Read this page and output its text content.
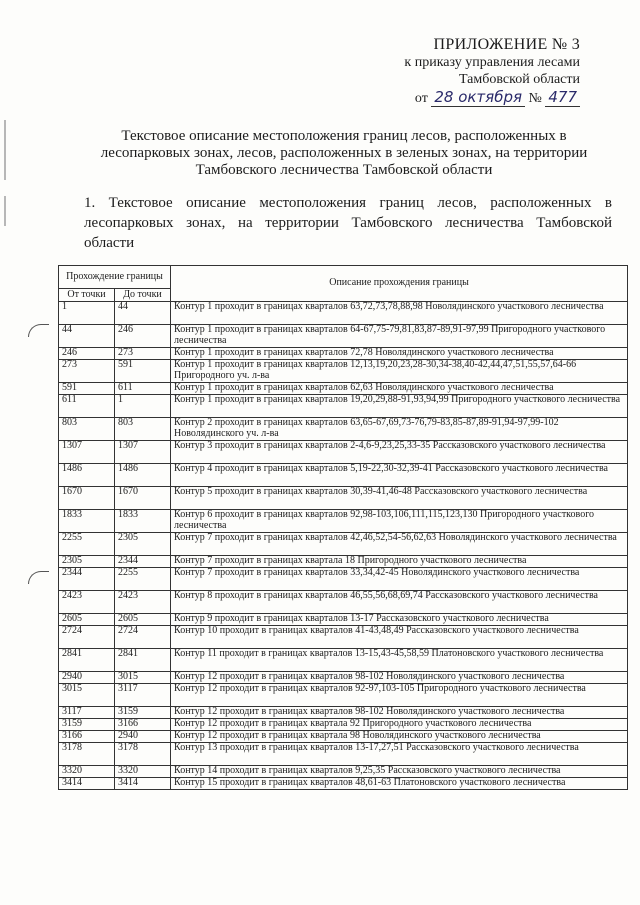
ПРИЛОЖЕНИЕ № 3
к приказу управления лесами
Тамбовской области
от 28 октября № 477
Текстовое описание местоположения границ лесов, расположенных в лесопарковых зонах, лесов, расположенных в зеленых зонах, на территории Тамбовского лесничества Тамбовской области
1. Текстовое описание местоположения границ лесов, расположенных в лесопарковых зонах, на территории Тамбовского лесничества Тамбовской области
Прохождение границы		Описание прохождения границы
От точки	До точки	
1	44	Контур 1 проходит в границах кварталов 63,72,73,78,88,98 Новолядинского участкового лесничества
44	246	Контур 1 проходит в границах кварталов 64-67,75-79,81,83,87-89,91-97,99 Пригородного участкового лесничества
246	273	Контур 1 проходит в границах кварталов 72,78 Новолядинского участкового лесничества
273	591	Контур 1 проходит в границах кварталов 12,13,19,20,23,28-30,34-38,40-42,44,47,51,55,57,64-66 Пригородного уч. л-ва
591	611	Контур 1 проходит в границах кварталов 62,63 Новолядинского участкового лесничества
611	1	Контур 1 проходит в границах кварталов 19,20,29,88-91,93,94,99 Пригородного участкового лесничества
803	803	Контур 2 проходит в границах кварталов 63,65-67,69,73-76,79-83,85-87,89-91,94-97,99-102 Новолядинского уч. л-ва
1307	1307	Контур 3 проходит в границах кварталов 2-4,6-9,23,25,33-35 Рассказовского участкового лесничества
1486	1486	Контур 4 проходит в границах кварталов 5,19-22,30-32,39-41 Рассказовского участкового лесничества
1670	1670	Контур 5 проходит в границах кварталов 30,39-41,46-48 Рассказовского участкового лесничества
1833	1833	Контур 6 проходит в границах кварталов 92,98-103,106,111,115,123,130 Пригородного участкового лесничества
2255	2305	Контур 7 проходит в границах кварталов 42,46,52,54-56,62,63 Новолядинского участкового лесничества
2305	2344	Контур 7 проходит в границах квартала 18 Пригородного участкового лесничества
2344	2255	Контур 7 проходит в границах кварталов 33,34,42-45 Новолядинского участкового лесничества
2423	2423	Контур 8 проходит в границах кварталов 46,55,56,68,69,74 Рассказовского участкового лесничества
2605	2605	Контур 9 проходит в границах кварталов 13-17 Рассказовского участкового лесничества
2724	2724	Контур 10 проходит в границах кварталов 41-43,48,49 Рассказовского участкового лесничества
2841	2841	Контур 11 проходит в границах кварталов 13-15,43-45,58,59 Платоновского участкового лесничества
2940	3015	Контур 12 проходит в границах кварталов 98-102 Новолядинского участкового лесничества
3015	3117	Контур 12 проходит в границах кварталов 92-97,103-105 Пригородного участкового лесничества
3117	3159	Контур 12 проходит в границах кварталов 98-102 Новолядинского участкового лесничества
3159	3166	Контур 12 проходит в границах квартала 92 Пригородного участкового лесничества
3166	2940	Контур 12 проходит в границах квартала 98 Новолядинского участкового лесничества
3178	3178	Контур 13 проходит в границах кварталов 13-17,27,51 Рассказовского участкового лесничества
3320	3320	Контур 14 проходит в границах кварталов 9,25,35 Рассказовского участкового лесничества
3414	3414	Контур 15 проходит в границах кварталов 48,61-63 Платоновского участкового лесничества
